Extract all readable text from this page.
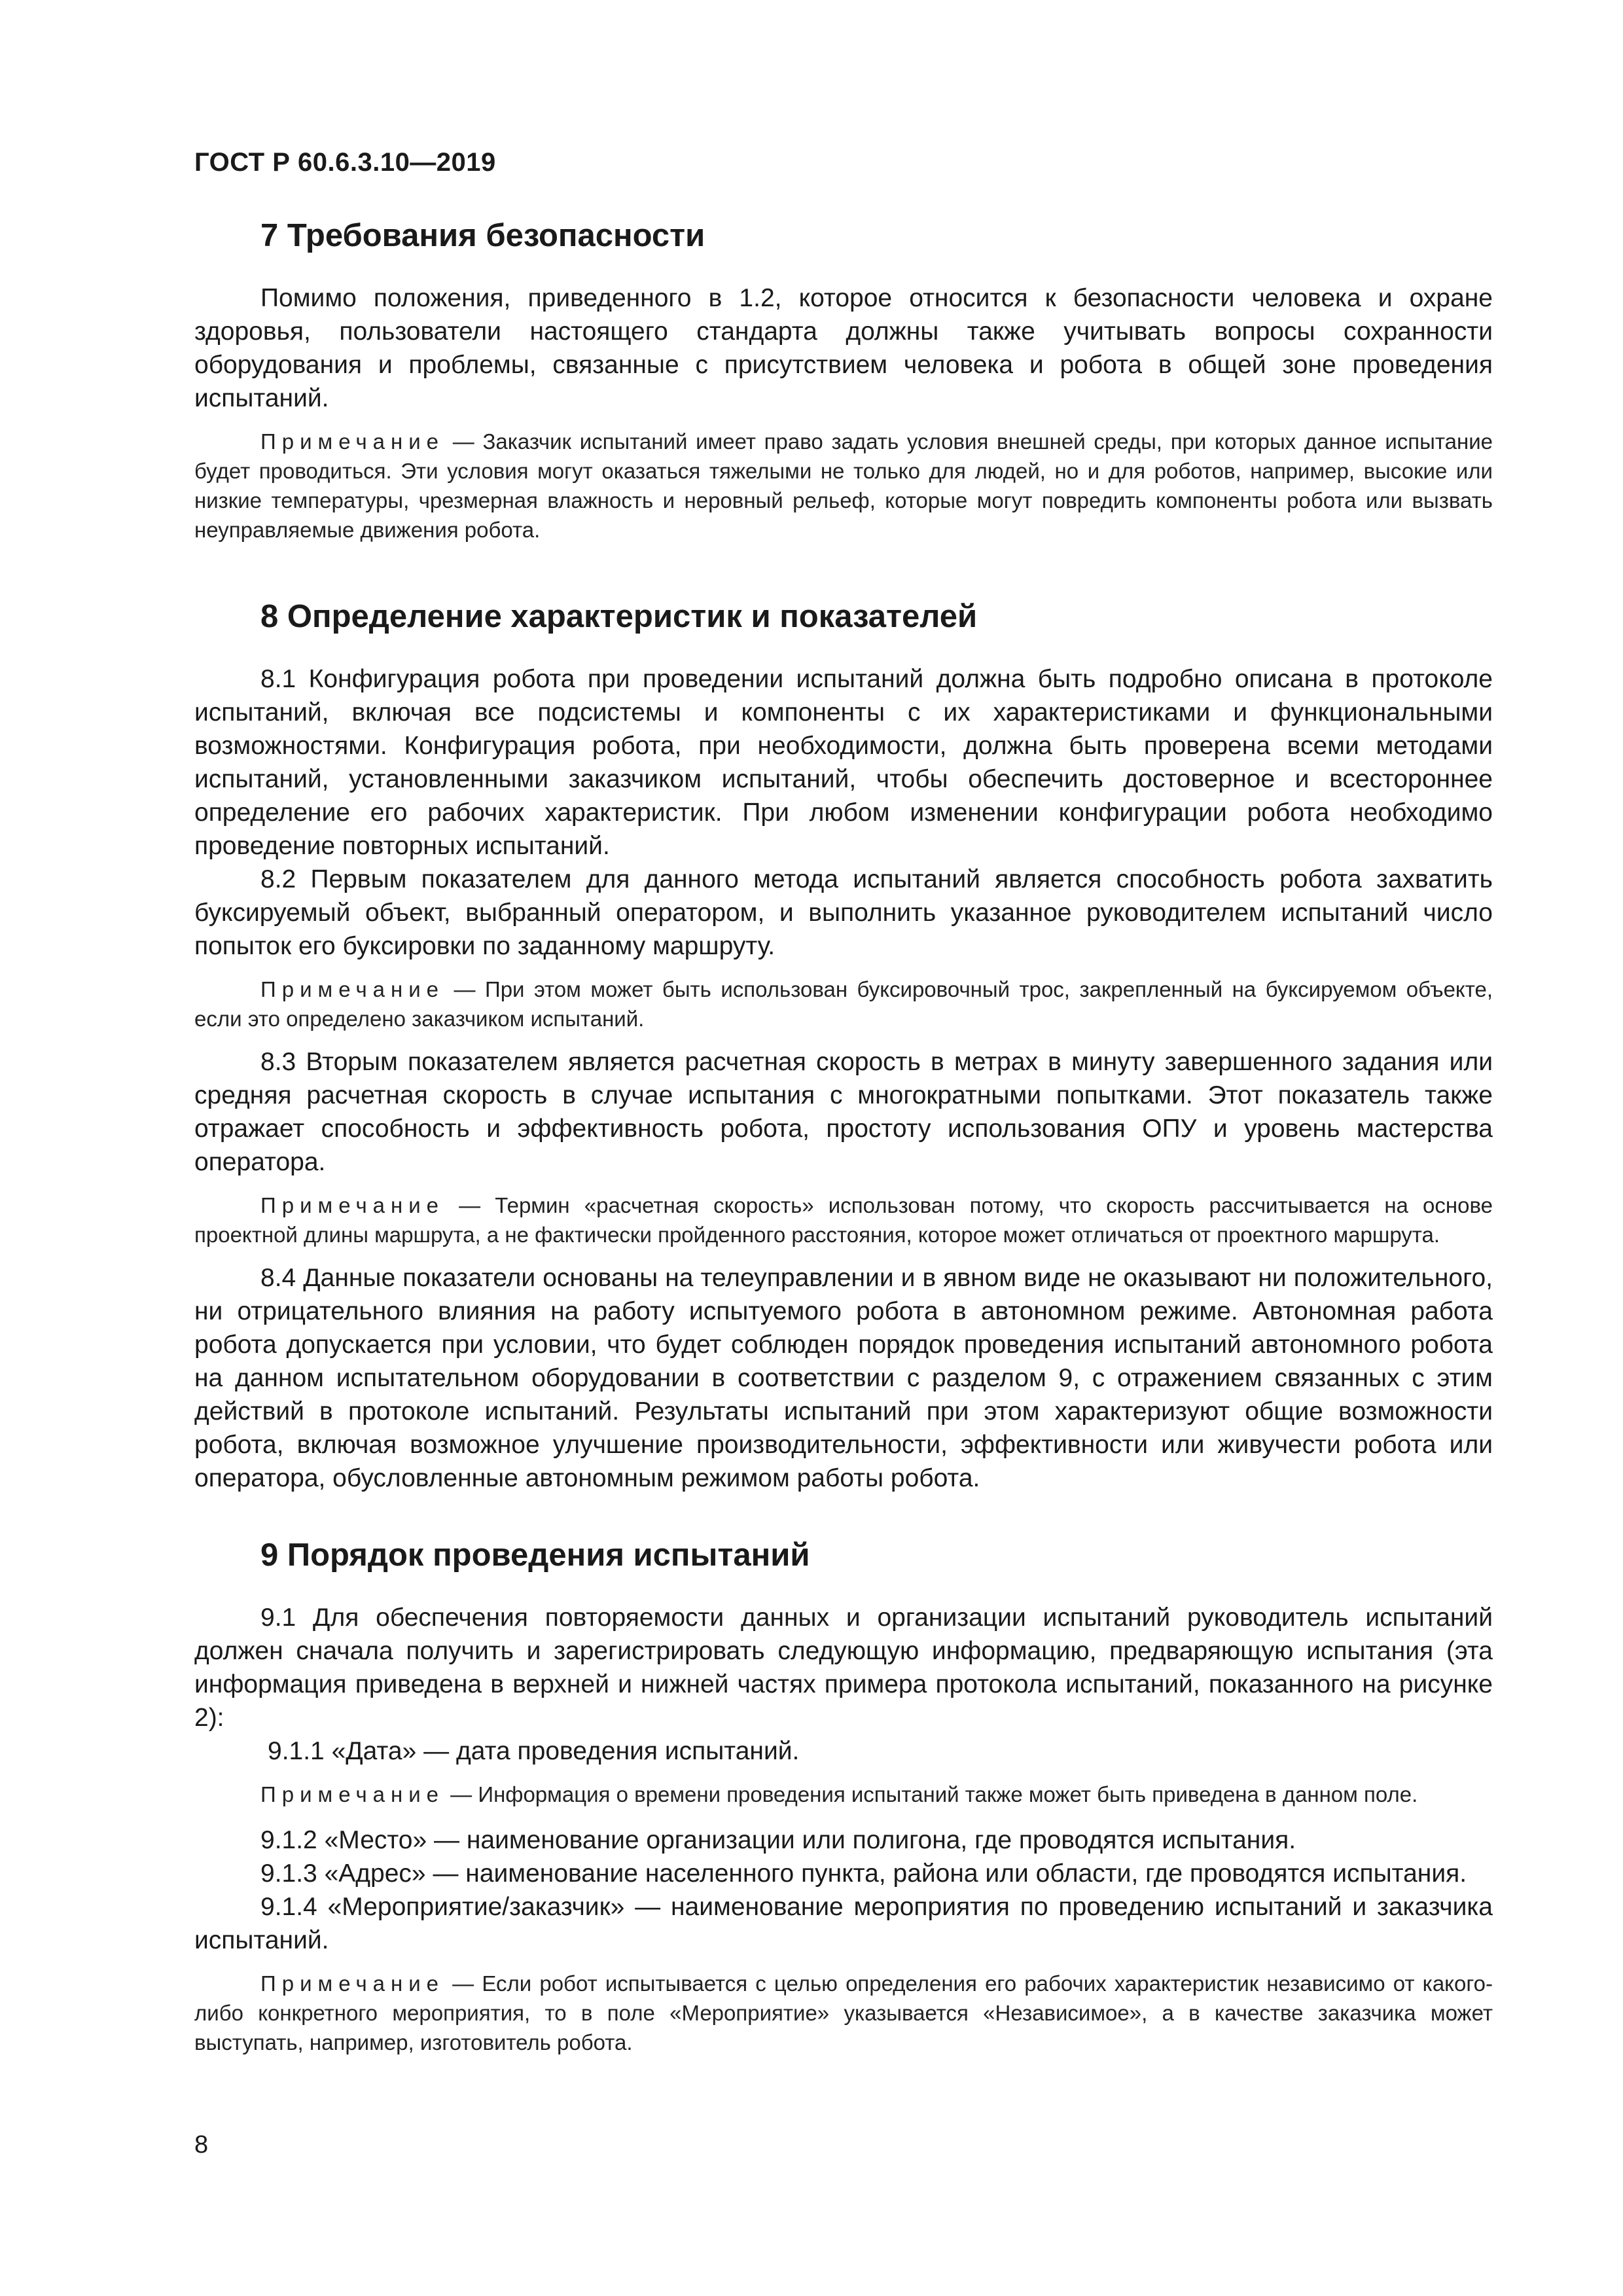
ГОСТ Р 60.6.3.10—2019
7 Требования безопасности

Помимо положения, приведенного в 1.2, которое относится к безопасности человека и охране здоровья, пользователи настоящего стандарта должны также учитывать вопросы сохранности оборудования и проблемы, связанные с присутствием человека и робота в общей зоне проведения испытаний.

Примечание — Заказчик испытаний имеет право задать условия внешней среды, при которых данное испытание будет проводиться. Эти условия могут оказаться тяжелыми не только для людей, но и для роботов, например, высокие или низкие температуры, чрезмерная влажность и неровный рельеф, которые могут повредить компоненты робота или вызвать неуправляемые движения робота.

8 Определение характеристик и показателей

8.1 Конфигурация робота при проведении испытаний должна быть подробно описана в протоколе испытаний, включая все подсистемы и компоненты с их характеристиками и функциональными возможностями. Конфигурация робота, при необходимости, должна быть проверена всеми методами испытаний, установленными заказчиком испытаний, чтобы обеспечить достоверное и всестороннее определение его рабочих характеристик. При любом изменении конфигурации робота необходимо проведение повторных испытаний.

8.2 Первым показателем для данного метода испытаний является способность робота захватить буксируемый объект, выбранный оператором, и выполнить указанное руководителем испытаний число попыток его буксировки по заданному маршруту.

Примечание — При этом может быть использован буксировочный трос, закрепленный на буксируемом объекте, если это определено заказчиком испытаний.

8.3 Вторым показателем является расчетная скорость в метрах в минуту завершенного задания или средняя расчетная скорость в случае испытания с многократными попытками. Этот показатель также отражает способность и эффективность робота, простоту использования ОПУ и уровень мастерства оператора.

Примечание — Термин «расчетная скорость» использован потому, что скорость рассчитывается на основе проектной длины маршрута, а не фактически пройденного расстояния, которое может отличаться от проектного маршрута.

8.4 Данные показатели основаны на телеуправлении и в явном виде не оказывают ни положительного, ни отрицательного влияния на работу испытуемого робота в автономном режиме. Автономная работа робота допускается при условии, что будет соблюден порядок проведения испытаний автономного робота на данном испытательном оборудовании в соответствии с разделом 9, с отражением связанных с этим действий в протоколе испытаний. Результаты испытаний при этом характеризуют общие возможности робота, включая возможное улучшение производительности, эффективности или живучести робота или оператора, обусловленные автономным режимом работы робота.

9 Порядок проведения испытаний

9.1 Для обеспечения повторяемости данных и организации испытаний руководитель испытаний должен сначала получить и зарегистрировать следующую информацию, предваряющую испытания (эта информация приведена в верхней и нижней частях примера протокола испытаний, показанного на рисунке 2):

9.1.1 «Дата» — дата проведения испытаний.

Примечание — Информация о времени проведения испытаний также может быть приведена в данном поле.

9.1.2 «Место» — наименование организации или полигона, где проводятся испытания.

9.1.3 «Адрес» — наименование населенного пункта, района или области, где проводятся испытания.

9.1.4 «Мероприятие/заказчик» — наименование мероприятия по проведению испытаний и заказчика испытаний.

Примечание — Если робот испытывается с целью определения его рабочих характеристик независимо от какого-либо конкретного мероприятия, то в поле «Мероприятие» указывается «Независимое», а в качестве заказчика может выступать, например, изготовитель робота.

8
